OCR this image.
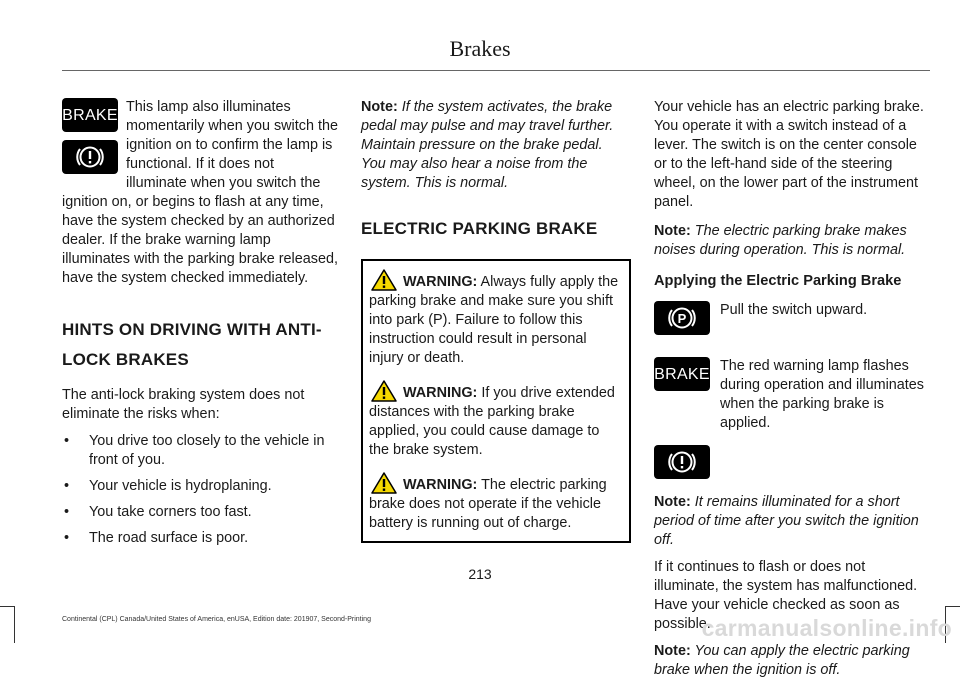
Brakes
BRAKE This lamp also illuminates momentarily when you switch the ignition on to confirm the lamp is functional. If it does not illuminate when you switch the ignition on, or begins to flash at any time, have the system checked by an authorized dealer. If the brake warning lamp illuminates with the parking brake released, have the system checked immediately.

HINTS ON DRIVING WITH ANTI-
LOCK BRAKES

The anti-lock braking system does not eliminate the risks when:

• You drive too closely to the vehicle in front of you.
• Your vehicle is hydroplaning.
• You take corners too fast.
• The road surface is poor.

Note: If the system activates, the brake pedal may pulse and may travel further. Maintain pressure on the brake pedal. You may also hear a noise from the system. This is normal.

ELECTRIC PARKING BRAKE

WARNING: Always fully apply the parking brake and make sure you shift into park (P). Failure to follow this instruction could result in personal injury or death.

WARNING: If you drive extended distances with the parking brake applied, you could cause damage to the brake system.

WARNING: The electric parking brake does not operate if the vehicle battery is running out of charge.

Your vehicle has an electric parking brake. You operate it with a switch instead of a lever. The switch is on the center console or to the left-hand side of the steering wheel, on the lower part of the instrument panel.

Note: The electric parking brake makes noises during operation. This is normal.

Applying the Electric Parking Brake
P

Pull the switch upward.

BRAKE The red warning lamp flashes during operation and illuminates when the parking brake is applied.

Note: It remains illuminated for a short period of time after you switch the ignition off.

If it continues to flash or does not illuminate, the system has malfunctioned. Have your vehicle checked as soon as possible.

Note: You can apply the electric parking brake when the ignition is off.

213
Continental (CPL) Canada/United States of America, enUSA, Edition date: 201907, Second-Printing	carmanualsonline.info
